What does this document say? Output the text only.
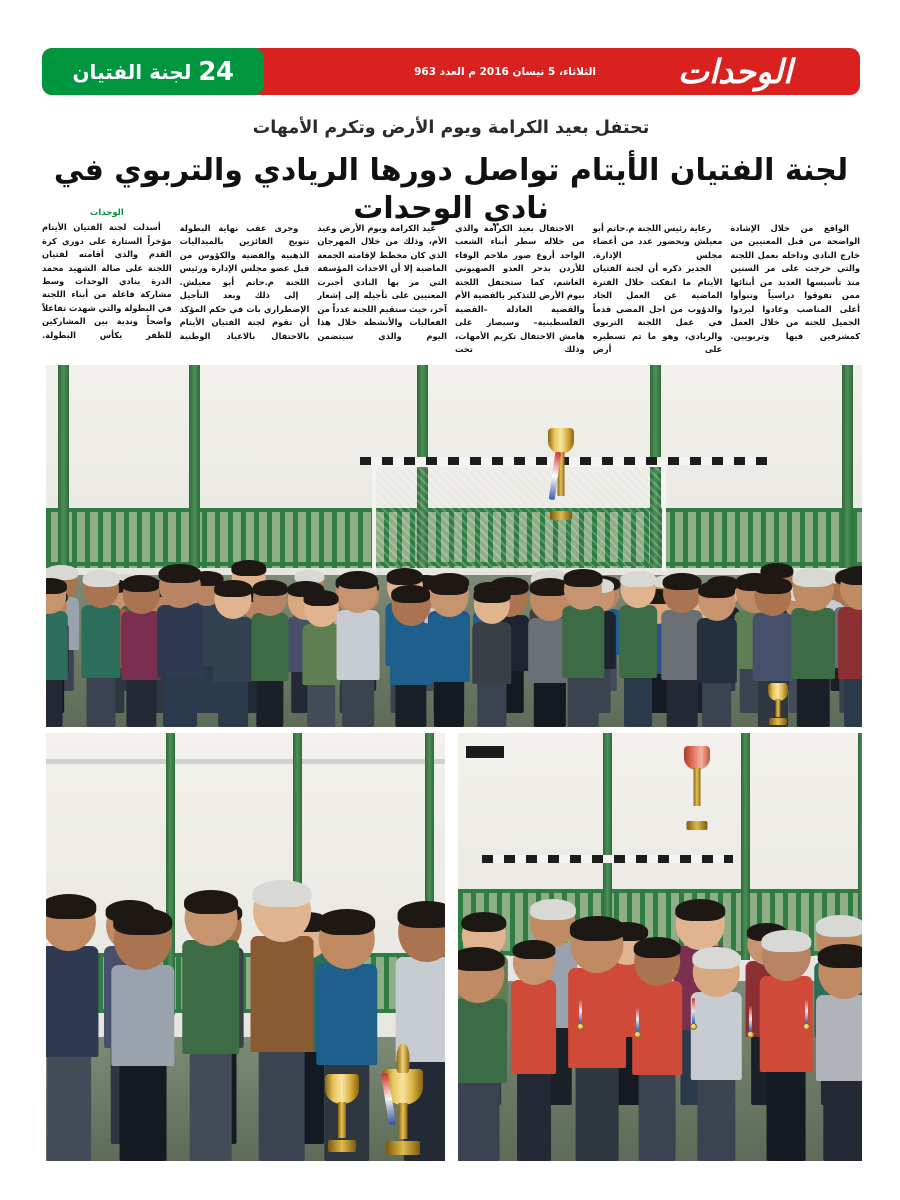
24
لجنة الفتيان	الثلاثاء، 5 نيسان 2016 م العدد 963 الوحدات
تحتفل بعيد الكرامة ويوم الأرض وتكرم الأمهات
لجنة الفتيان الأيتام تواصل دورها الريادي والتربوي في نادي الوحدات
الوحدات

أسدلت لجنة الفتيان الأيتام مؤخراً الستارة على دوري كرة القدم والذي أقامته لفتيان اللجنة على صالة الشهيد محمد الدرة بنادي الوحدات وسط مشاركة فاعلة من أبناء اللجنة في البطولة والتي شهدت تفاعلاً واضحاً وندية بين المشاركين للظفر بكأس البطولة.

وجرى عقب نهاية البطولة تتويج الفائزين بالميداليات الذهبية والفضية والكؤوس من قبل عضو مجلس الإدارة ورئيس اللجنة م.حاتم أبو معيلش.

إلى ذلك وبعد التأجيل الإضطراري بات في حكم المؤكد أن تقوم لجنة الفتيان الأيتام بالاحتفال بالاعياد الوطنية

عيد الكرامة ويوم الأرض وعيد الأم، وذلك من خلال المهرجان الذي كان مخطط لإقامته الجمعة الماضية إلا أن الاحداث المؤسفة التي مر بها النادي أجبرت المعنيين على تأجيله إلى إشعار آخر، حيث ستقيم اللجنة عدداً من الفعاليات والأنشطة خلال هذا اليوم والذي سيتضمن

الاحتفال بعيد الكرامة والذي من خلاله سطر أبناء الشعب الواحد أروع صور ملاحم الوفاء للأردن بدحر العدو الصهيوني الغاشم، كما ستحتفل اللجنة بيوم الأرض للتذكير بالقضية الأم والقضية العادلة –القضية الفلسطينية– وسيصار على هامش الاحتفال تكريم الأمهات، وذلك تحت

رعاية رئيس اللجنة م.حاتم أبو معيلش وبحضور عدد من أعضاء مجلس الإدارة.

الجدير ذكره أن لجنة الفتيان الأيتام ما انفكت خلال الفترة الماضية عن العمل الجاد والدؤوب من اجل المضي قدماً في عمل اللجنة التربوي والريادي، وهو ما تم تسطيره على أرض

الواقع من خلال الإشادة الواضحة من قبل المعنيين من خارج النادي وداخله بعمل اللجنة والتي خرجت على مر السنين منذ تأسيسها العديد من أبنائها ممن تفوقوا دراسياً وتبوأوا أعلى المناصب وعادوا ليردوا الجميل للجنة من خلال العمل كمشرفين فيها وتربويين.
